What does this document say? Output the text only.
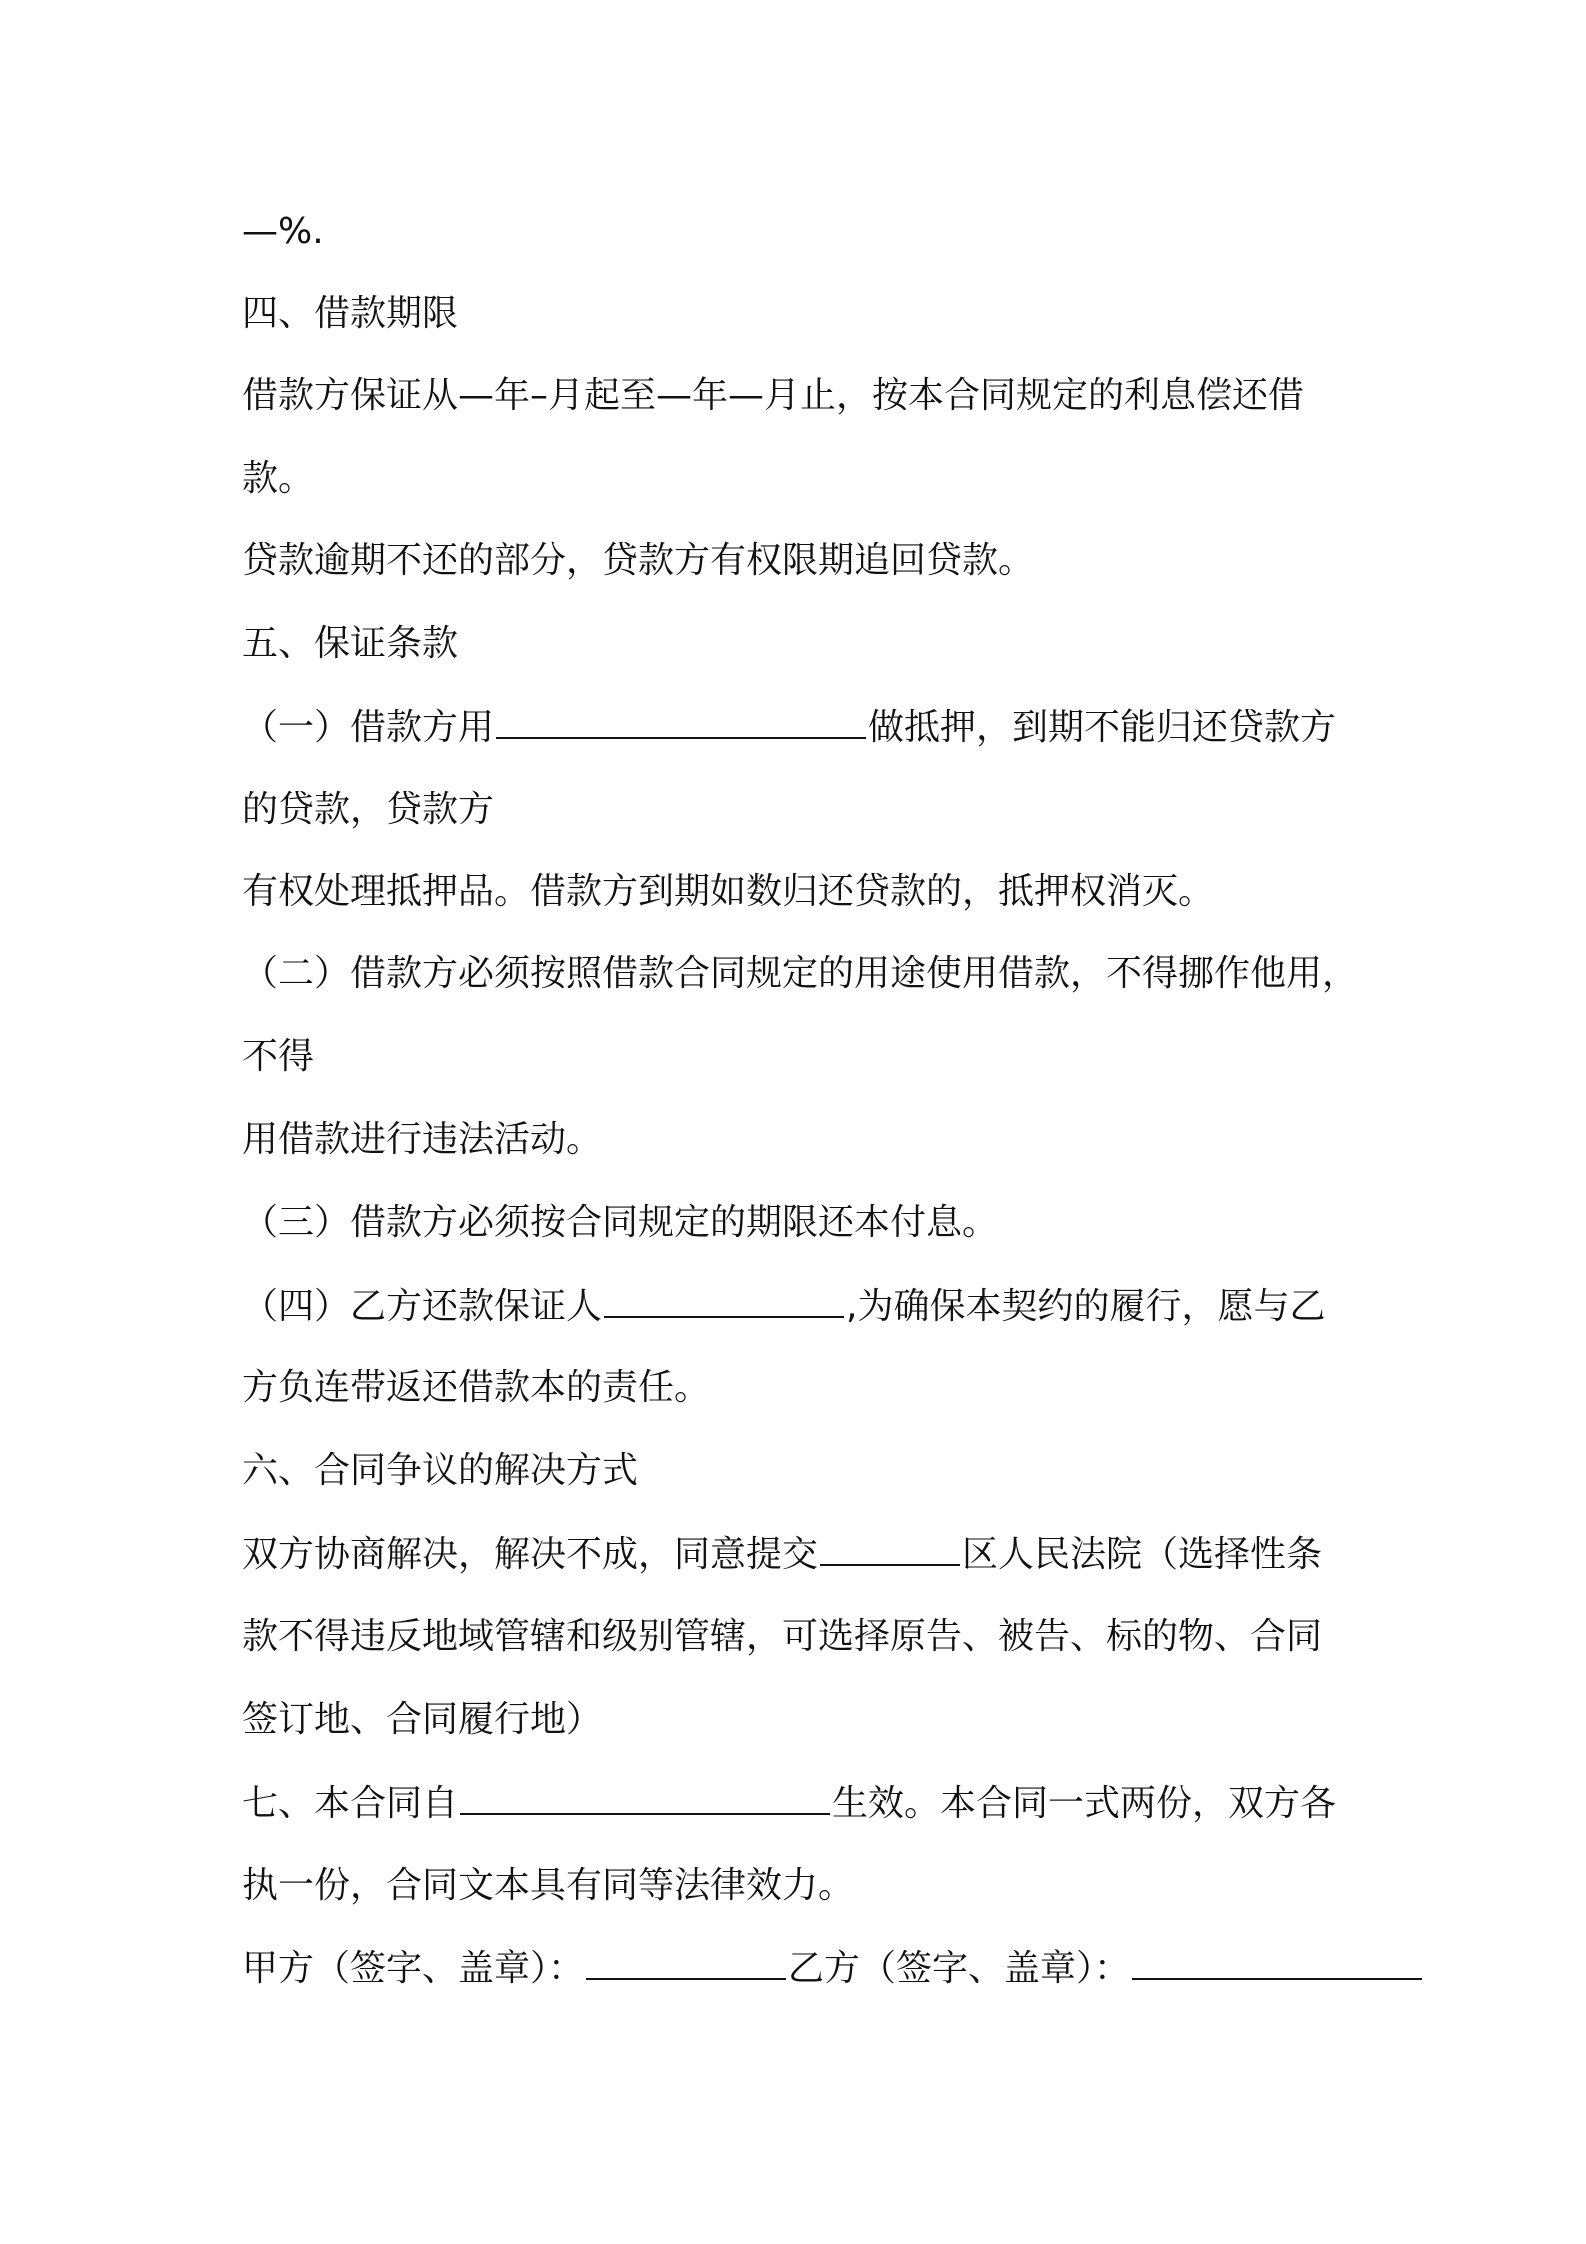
—%.
四、借款期限
借款方保证从—年–月起至—年—月止，按本合同规定的利息偿还借
款。
贷款逾期不还的部分，贷款方有权限期追回贷款。
五、保证条款
（一）借款方用	做抵押，到期不能归还贷款方
的贷款，贷款方
有权处理抵押品。借款方到期如数归还贷款的，抵押权消灭。
（二）借款方必须按照借款合同规定的用途使用借款，不得挪作他用，
不得
用借款进行违法活动。
（三）借款方必须按合同规定的期限还本付息。
（四）乙方还款保证人	,为确保本契约的履行，愿与乙
方负连带返还借款本的责任。
六、合同争议的解决方式
双方协商解决，解决不成，同意提交	区人民法院（选择性条
款不得违反地域管辖和级别管辖，可选择原告、被告、标的物、合同
签订地、合同履行地）
七、本合同自	生效。本合同一式两份，双方各
执一份，合同文本具有同等法律效力。
甲方（签字、盖章）：	乙方（签字、盖章）：
